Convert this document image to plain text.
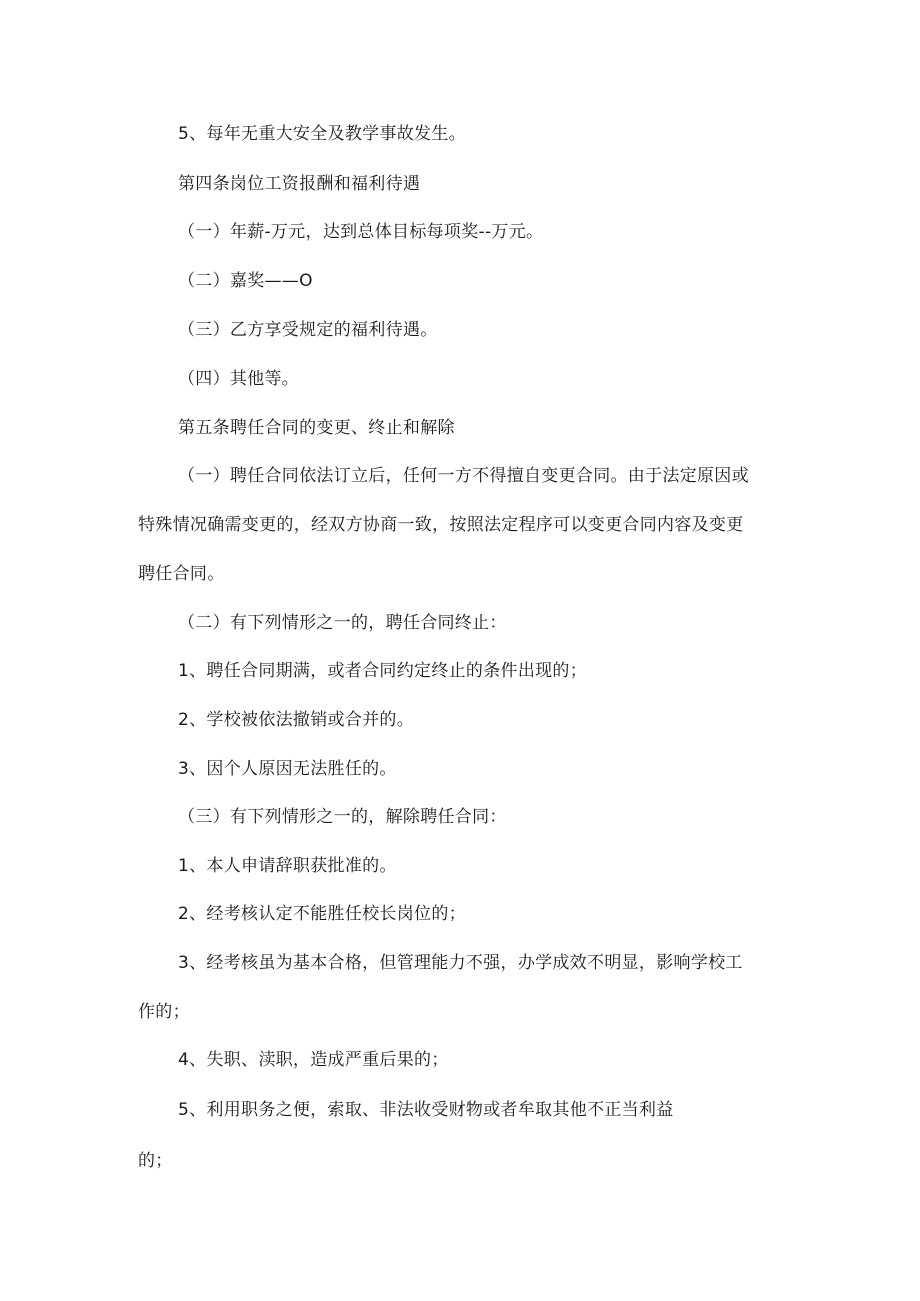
5、每年无重大安全及教学事故发生。
第四条岗位工资报酬和福利待遇
（一）年薪-万元，达到总体目标每项奖--万元。
（二）嘉奖——O
（三）乙方享受规定的福利待遇。
（四）其他等。
第五条聘任合同的变更、终止和解除
（一）聘任合同依法订立后，任何一方不得擅自变更合同。由于法定原因或
特殊情况确需变更的，经双方协商一致，按照法定程序可以变更合同内容及变更
聘任合同。
（二）有下列情形之一的，聘任合同终止：
1、聘任合同期满，或者合同约定终止的条件出现的；
2、学校被依法撤销或合并的。
3、因个人原因无法胜任的。
（三）有下列情形之一的，解除聘任合同：
1、本人申请辞职获批准的。
2、经考核认定不能胜任校长岗位的；
3、经考核虽为基本合格，但管理能力不强，办学成效不明显，影响学校工
作的；
4、失职、渎职，造成严重后果的；
5、利用职务之便，索取、非法收受财物或者牟取其他不正当利益
的；
